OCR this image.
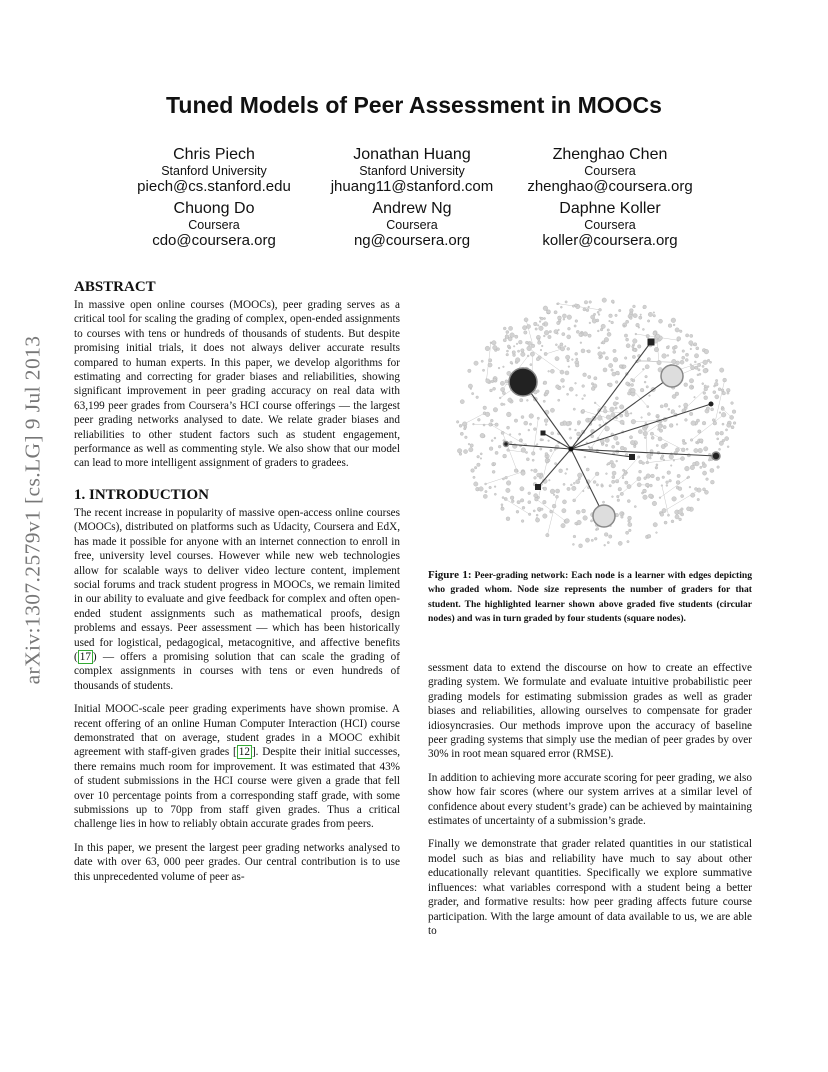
Tuned Models of Peer Assessment in MOOCs
Chris Piech
Stanford University
piech@cs.stanford.edu
Jonathan Huang
Stanford University
jhuang11@stanford.com
Zhenghao Chen
Coursera
zhenghao@coursera.org
Chuong Do
Coursera
cdo@coursera.org
Andrew Ng
Coursera
ng@coursera.org
Daphne Koller
Coursera
koller@coursera.org
arXiv:1307.2579v1 [cs.LG] 9 Jul 2013
ABSTRACT

In massive open online courses (MOOCs), peer grading serves as a critical tool for scaling the grading of complex, open-ended assignments to courses with tens or hundreds of thousands of students. But despite promising initial trials, it does not always deliver accurate results compared to human experts. In this paper, we develop algorithms for estimating and correcting for grader biases and reliabilities, showing significant improvement in peer grading accuracy on real data with 63,199 peer grades from Coursera’s HCI course offerings — the largest peer grading networks analysed to date. We relate grader biases and reliabilities to other student factors such as student engagement, performance as well as commenting style. We also show that our model can lead to more intelligent assignment of graders to gradees.

1. INTRODUCTION

The recent increase in popularity of massive open-access online courses (MOOCs), distributed on platforms such as Udacity, Coursera and EdX, has made it possible for anyone with an internet connection to enroll in free, university level courses. However while new web technologies allow for scalable ways to deliver video lecture content, implement social forums and track student progress in MOOCs, we remain limited in our ability to evaluate and give feedback for complex and often open-ended student assignments such as mathematical proofs, design problems and essays. Peer assessment — which has been historically used for logistical, pedagogical, metacognitive, and affective benefits ( 17 ) — offers a promising solution that can scale the grading of complex assignments in courses with tens or even hundreds of thousands of students.

Initial MOOC-scale peer grading experiments have shown promise. A recent offering of an online Human Computer Interaction (HCI) course demonstrated that on average, student grades in a MOOC exhibit agreement with staff-given grades [ 12 ]. Despite their initial successes, there remains much room for improvement. It was estimated that 43% of student submissions in the HCI course were given a grade that fell over 10 percentage points from a corresponding staff grade, with some submissions up to 70pp from staff given grades. Thus a critical challenge lies in how to reliably obtain accurate grades from peers.

In this paper, we present the largest peer grading networks analysed to date with over 63, 000 peer grades. Our central contribution is to use this unprecedented volume of peer as-

Figure 1: Peer-grading network: Each node is a learner with edges depicting who graded whom. Node size represents the number of graders for that student. The highlighted learner shown above graded five students (circular nodes) and was in turn graded by four students (square nodes).

sessment data to extend the discourse on how to create an effective grading system. We formulate and evaluate intuitive probabilistic peer grading models for estimating submission grades as well as grader biases and reliabilities, allowing ourselves to compensate for grader idiosyncrasies. Our methods improve upon the accuracy of baseline peer grading systems that simply use the median of peer grades by over 30% in root mean squared error (RMSE).

In addition to achieving more accurate scoring for peer grading, we also show how fair scores (where our system arrives at a similar level of confidence about every student’s grade) can be achieved by maintaining estimates of uncertainty of a submission’s grade.

Finally we demonstrate that grader related quantities in our statistical model such as bias and reliability have much to say about other educationally relevant quantities. Specifically we explore summative influences: what variables correspond with a student being a better grader, and formative results: how peer grading affects future course participation. With the large amount of data available to us, we are able to
